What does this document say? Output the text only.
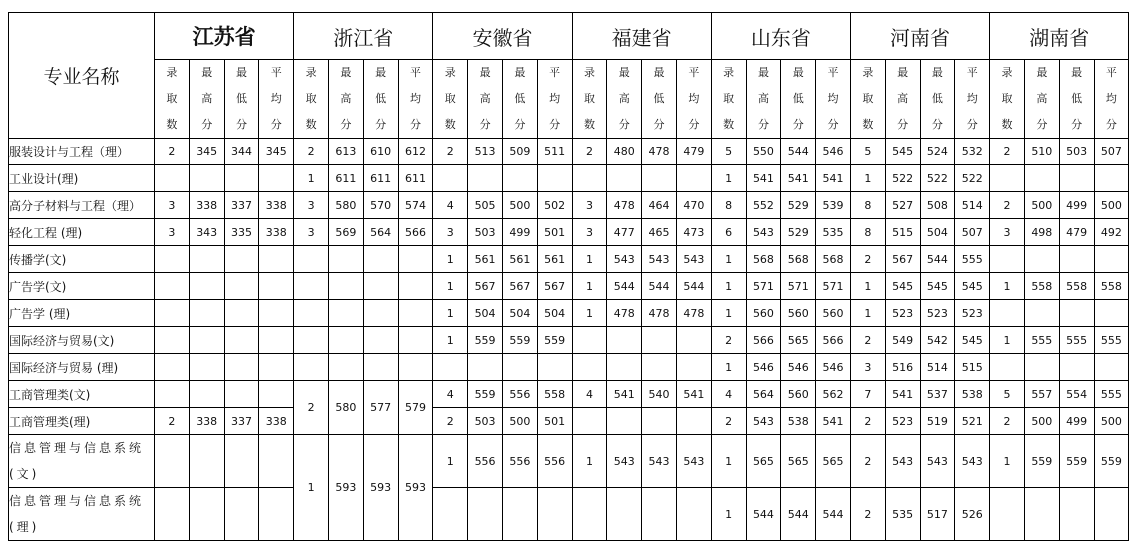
专业名称	江苏省				浙江省				安徽省				福建省				山东省				河南省				湖南省			
	录取数	最高分	最低分	平均分	录取数	最高分	最低分	平均分	录取数	最高分	最低分	平均分	录取数	最高分	最低分	平均分	录取数	最高分	最低分	平均分	录取数	最高分	最低分	平均分	录取数	最高分	最低分	平均分
服装设计与工程（理）	2	345	344	345	2	613	610	612	2	513	509	511	2	480	478	479	5	550	544	546	5	545	524	532	2	510	503	507
工业设计(理)					1	611	611	611									1	541	541	541	1	522	522	522				
高分子材料与工程（理）	3	338	337	338	3	580	570	574	4	505	500	502	3	478	464	470	8	552	529	539	8	527	508	514	2	500	499	500
轻化工程 (理)	3	343	335	338	3	569	564	566	3	503	499	501	3	477	465	473	6	543	529	535	8	515	504	507	3	498	479	492
传播学(文)									1	561	561	561	1	543	543	543	1	568	568	568	2	567	544	555				
广告学(文)									1	567	567	567	1	544	544	544	1	571	571	571	1	545	545	545	1	558	558	558
广告学 (理)									1	504	504	504	1	478	478	478	1	560	560	560	1	523	523	523				
国际经济与贸易(文)									1	559	559	559					2	566	565	566	2	549	542	545	1	555	555	555
国际经济与贸易 (理)																	1	546	546	546	3	516	514	515				
工商管理类(文)					2	580	577	579	4	559	556	558	4	541	540	541	4	564	560	562	7	541	537	538	5	557	554	555
工商管理类(理)	2	338	337	338					2	503	500	501					2	543	538	541	2	523	519	521	2	500	499	500

信息管理与信息系统
(文)					1	593	593	593	1	556	556	556	1	543	543	543	1	565	565	565	2	543	543	543	1	559	559	559

信息管理与信息系统
(理)																	1	544	544	544	2	535	517	526				
